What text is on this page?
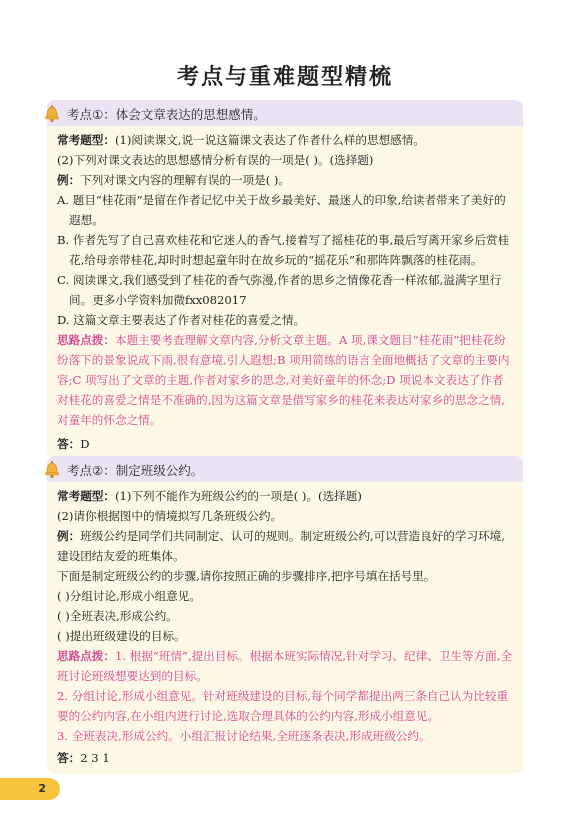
考点与重难题型精梳
考点①：体会文章表达的思想感情。

常考题型：(1)阅读课文,说一说这篇课文表达了作者什么样的思想感情。

(2)下列对课文表达的思想感情分析有误的一项是( )。(选择题)

例：下列对课文内容的理解有误的一项是( )。

A. 题目“桂花雨”是留在作者记忆中关于故乡最美好、最迷人的印象,给读者带来了美好的遐想。

B. 作者先写了自己喜欢桂花和它迷人的香气,接着写了摇桂花的事,最后写离开家乡后赏桂花,给母亲带桂花,却时时想起童年时在故乡玩的“摇花乐”和那阵阵飘落的桂花雨。

C. 阅读课文,我们感受到了桂花的香气弥漫,作者的思乡之情像花香一样浓郁,溢满字里行间。更多小学资料加微fxx082017

D. 这篇文章主要表达了作者对桂花的喜爱之情。

思路点拨：本题主要考查理解文章内容,分析文章主题。A 项,课文题目“桂花雨”把桂花纷纷落下的景象说成下雨,很有意境,引人遐想;B 项用简练的语言全面地概括了文章的主要内容;C 项写出了文章的主题,作者对家乡的思念,对美好童年的怀念;D 项说本文表达了作者对桂花的喜爱之情是不准确的,因为这篇文章是借写家乡的桂花来表达对家乡的思念之情,对童年的怀念之情。

答：D

考点②：制定班级公约。

常考题型：(1)下列不能作为班级公约的一项是( )。(选择题)

(2)请你根据图中的情境拟写几条班级公约。

例：班级公约是同学们共同制定、认可的规则。制定班级公约,可以营造良好的学习环境,建设团结友爱的班集体。

下面是制定班级公约的步骤,请你按照正确的步骤排序,把序号填在括号里。

( )分组讨论,形成小组意见。

( )全班表决,形成公约。

( )提出班级建设的目标。

思路点拨：1. 根据“班情”,提出目标。根据本班实际情况,针对学习、纪律、卫生等方面,全班讨论班级想要达到的目标。

2. 分组讨论,形成小组意见。针对班级建设的目标,每个同学都提出两三条自己认为比较重要的公约内容,在小组内进行讨论,选取合理具体的公约内容,形成小组意见。

3. 全班表决,形成公约。小组汇报讨论结果,全班逐条表决,形成班级公约。

答：2 3 1

2
